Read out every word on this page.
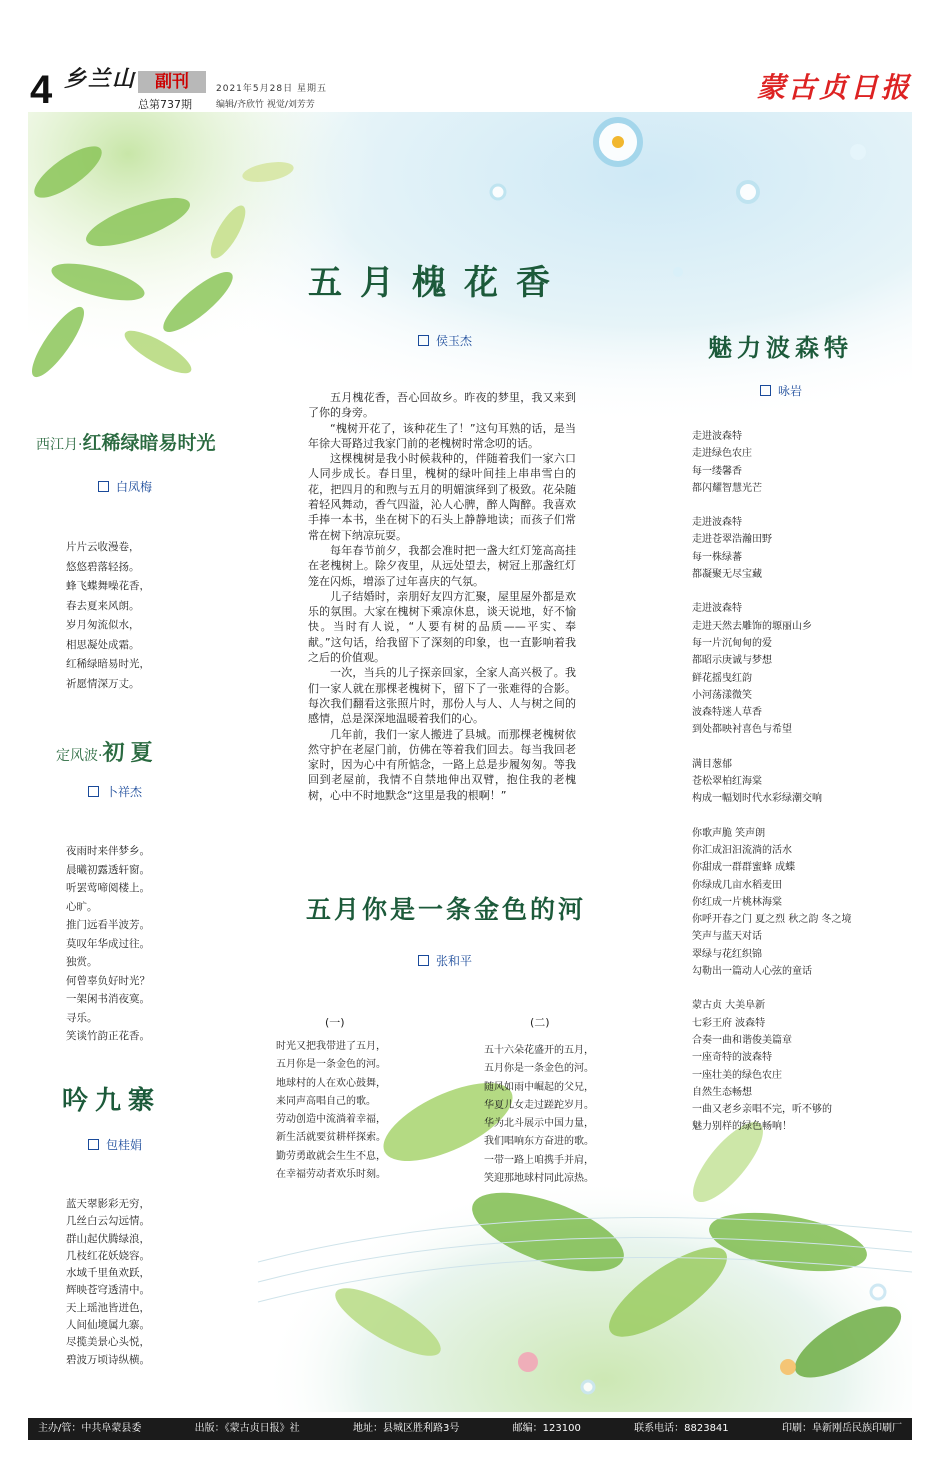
4 乡兰山	副刊
总第737期
2021年5月28日 星期五
编辑/齐欣竹 视觉/刘芳芳
蒙古贞日报
五月槐花香
侯玉杰

五月槐花香，吾心回故乡。昨夜的梦里，我又来到了你的身旁。

“槐树开花了，该种花生了！”这句耳熟的话，是当年徐大哥路过我家门前的老槐树时常念叨的话。

这棵槐树是我小时候栽种的，伴随着我们一家六口人同步成长。春日里，槐树的绿叶间挂上串串雪白的花，把四月的和煦与五月的明媚演绎到了极致。花朵随着轻风舞动，香气四溢，沁人心脾，醉人陶醉。我喜欢手捧一本书，坐在树下的石头上静静地读；而孩子们常常在树下纳凉玩耍。

每年春节前夕，我都会准时把一盏大红灯笼高高挂在老槐树上。除夕夜里，从远处望去，树冠上那盏红灯笼在闪烁，增添了过年喜庆的气氛。

儿子结婚时，亲朋好友四方汇聚，屋里屋外都是欢乐的氛围。大家在槐树下乘凉休息，谈天说地，好不愉快。当时有人说，“人要有树的品质——平实、奉献。”这句话，给我留下了深刻的印象，也一直影响着我之后的价值观。

一次，当兵的儿子探亲回家，全家人高兴极了。我们一家人就在那棵老槐树下，留下了一张难得的合影。每次我们翻看这张照片时，那份人与人、人与树之间的感情，总是深深地温暖着我们的心。

几年前，我们一家人搬进了县城。而那棵老槐树依然守护在老屋门前，仿佛在等着我们回去。每当我回老家时，因为心中有所惦念，一路上总是步履匆匆。等我回到老屋前，我情不自禁地伸出双臂，抱住我的老槐树，心中不时地默念“这里是我的根啊！”

西江月·红稀绿暗易时光
白凤梅
片片云收漫卷，
悠悠碧落轻扬。
蜂飞蝶舞噪花香，
春去夏来风朗。
岁月匆流似水，
相思凝处成霜。
红稀绿暗易时光，
祈愿情深万丈。
定风波·初夏
卜祥杰
夜雨时来伴梦乡。
晨曦初露透轩窗。
听罢莺啼阅楼上。
心旷。
推门远看半波芳。
莫叹年华成过往。
独赏。
何曾辜负好时光？
一架闲书消夜寞。
寻乐。
笑谈竹韵正花香。
吟九寨
包桂娟
蓝天翠影彩无穷，
几丝白云勾远情。
群山起伏腾绿浪，
几枝红花妖娆容。
水域千里鱼欢跃，
辉映苍穹透清中。
天上瑶池皆迸色，
人间仙境属九寨。
尽揽美景心头悦，
碧波万顷诗纵横。
魅力波森特
咏岩
走进波森特
走进绿色农庄
每一缕馨香
都闪耀智慧光芒
走进波森特
走进苍翠浩瀚田野
每一株绿蕃
都凝聚无尽宝藏
走进波森特
走进天然去雕饰的塬丽山乡
每一片沉甸甸的爱
都昭示庚诚与梦想
鲜花摇曳红韵
小河荡漾微笑
波森特迷人草香
到处都映衬喜色与希望
满目葱郁
苍松翠柏红海棠
构成一幅划时代水彩绿潮交响
你歌声脆 笑声朗
你汇成汩汩流淌的活水
你甜成一群群蜜蜂 成蝶
你绿成几亩水稻麦田
你红成一片桃林海棠
你呼开春之门 夏之烈 秋之韵 冬之境
笑声与蓝天对话
翠绿与花红织锦
勾勒出一篇动人心弦的童话
蒙古贞 大美阜新
七彩王府 波森特
合奏一曲和谐俊美篇章
一座奇特的波森特
一座壮美的绿色农庄
自然生态畅想
一曲又老乡亲唱不完，听不够的
魅力别样的绿色畅响！
五月你是一条金色的河
张和平
(一)	(二)
时光又把我带进了五月，
五月你是一条金色的河。
地球村的人在欢心鼓舞，
来同声高唱自己的歌。
劳动创造中流淌着幸福，
新生活就要贫耕样探索。
勤劳勇敢就会生生不息，
在幸福劳动者欢乐时刻。
五十六朵花盛开的五月，
五月你是一条金色的河。
随风如雨中崛起的父兄，
华夏儿女走过蹉跎岁月。
华为北斗展示中国力量，
我们唱响东方奋进的歌。
一带一路上咱携手并肩，
笑迎那地球村同此凉热。
主办/管：中共阜蒙县委	出版：《蒙古贞日报》社	地址：县城区胜利路3号	邮编：123100	联系电话：8823841	印刷：阜新刚岳民族印刷厂
